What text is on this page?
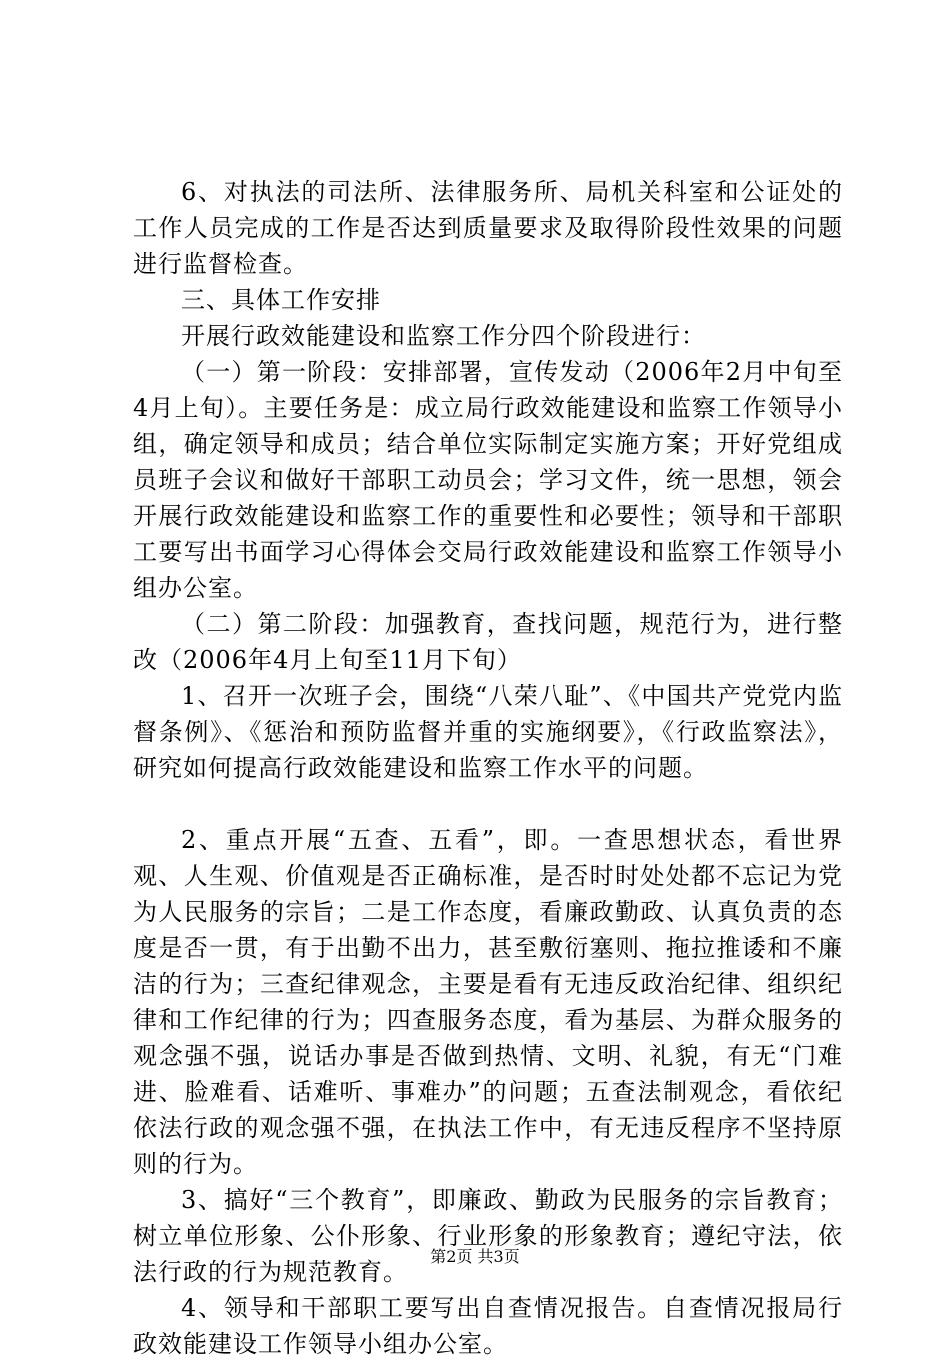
6、对执法的司法所、法律服务所、局机关科室和公证处的工作人员完成的工作是否达到质量要求及取得阶段性效果的问题进行监督检查。

三、具体工作安排

开展行政效能建设和监察工作分四个阶段进行：

（一）第一阶段：安排部署，宣传发动（2006年2月中旬至4月上旬）。主要任务是：成立局行政效能建设和监察工作领导小组，确定领导和成员；结合单位实际制定实施方案；开好党组成员班子会议和做好干部职工动员会；学习文件，统一思想，领会开展行政效能建设和监察工作的重要性和必要性；领导和干部职工要写出书面学习心得体会交局行政效能建设和监察工作领导小组办公室。

（二）第二阶段：加强教育，查找问题，规范行为，进行整改（2006年4月上旬至11月下旬）

1、召开一次班子会，围绕“八荣八耻”、《中国共产党党内监督条例》、《惩治和预防监督并重的实施纲要》，《行政监察法》，研究如何提高行政效能建设和监察工作水平的问题。

2、重点开展“五查、五看”，即。一查思想状态，看世界观、人生观、价值观是否正确标准，是否时时处处都不忘记为党为人民服务的宗旨；二是工作态度，看廉政勤政、认真负责的态度是否一贯，有于出勤不出力，甚至敷衍塞则、拖拉推诿和不廉洁的行为；三查纪律观念，主要是看有无违反政治纪律、组织纪律和工作纪律的行为；四查服务态度，看为基层、为群众服务的观念强不强，说话办事是否做到热情、文明、礼貌，有无“门难进、脸难看、话难听、事难办”的问题；五查法制观念，看依纪依法行政的观念强不强，在执法工作中，有无违反程序不坚持原则的行为。

3、搞好“三个教育”，即廉政、勤政为民服务的宗旨教育；树立单位形象、公仆形象、行业形象的形象教育；遵纪守法，依法行政的行为规范教育。

4、领导和干部职工要写出自查情况报告。自查情况报局行政效能建设工作领导小组办公室。

第2页 共3页
